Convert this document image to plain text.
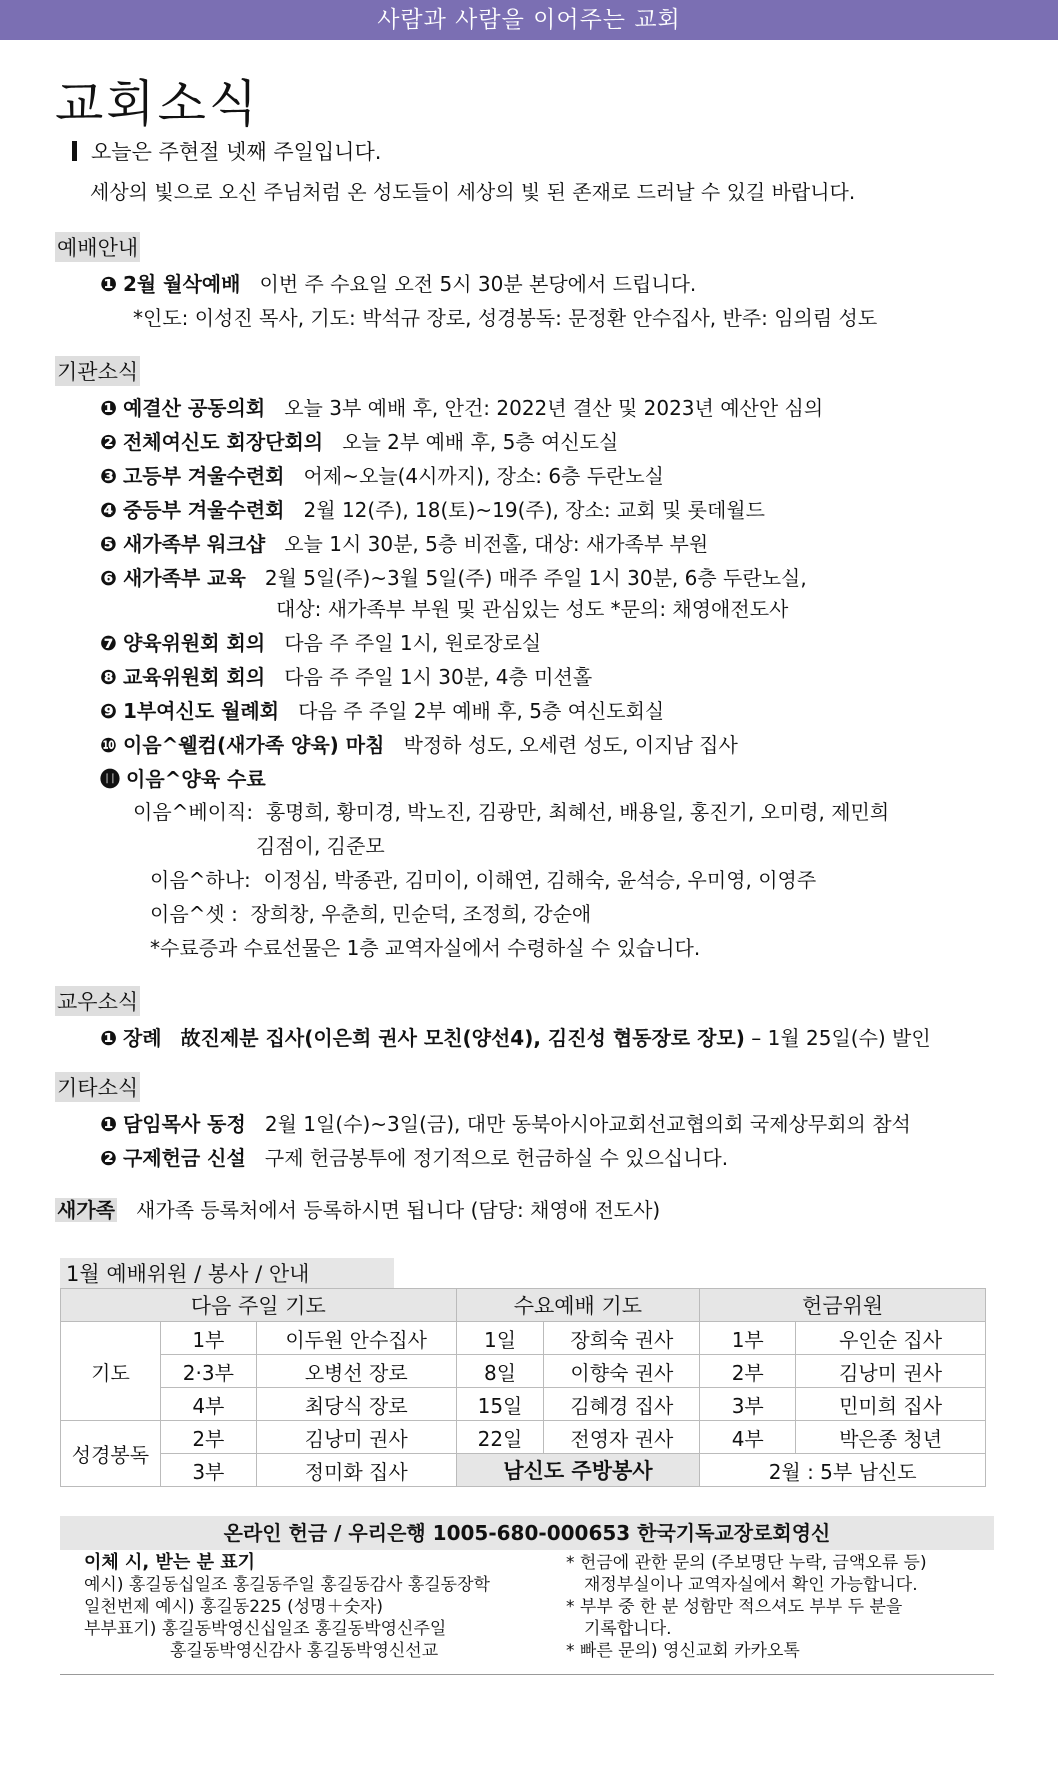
사람과 사람을 이어주는 교회
교회소식
오늘은 주현절 넷째 주일입니다.
세상의 빛으로 오신 주님처럼 온 성도들이 세상의 빛 된 존재로 드러날 수 있길 바랍니다.
예배안내
❶ 2월 월삭예배 이번 주 수요일 오전 5시 30분 본당에서 드립니다.
*인도: 이성진 목사, 기도: 박석규 장로, 성경봉독: 문정환 안수집사, 반주: 임의림 성도
기관소식
❶ 예결산 공동의회 오늘 3부 예배 후, 안건: 2022년 결산 및 2023년 예산안 심의
❷ 전체여신도 회장단회의 오늘 2부 예배 후, 5층 여신도실
❸ 고등부 겨울수련회 어제~오늘(4시까지), 장소: 6층 두란노실
❹ 중등부 겨울수련회 2월 12(주), 18(토)~19(주), 장소: 교회 및 롯데월드
❺ 새가족부 워크샵 오늘 1시 30분, 5층 비전홀, 대상: 새가족부 부원
❻ 새가족부 교육 2월 5일(주)~3월 5일(주) 매주 주일 1시 30분, 6층 두란노실,
❼ 양육위원회 회의 다음 주 주일 1시, 원로장로실
❽ 교육위원회 회의 다음 주 주일 1시 30분, 4층 미션홀
❾ 1부여신도 월례회 다음 주 주일 2부 예배 후, 5층 여신도회실
❿ 이음^웰컴(새가족 양육) 마침 박정하 성도, 오세련 성도, 이지남 집사
⓫ 이음^양육 수료
대상: 새가족부 부원 및 관심있는 성도 *문의: 채영애전도사
이음^베이직: 홍명희, 황미경, 박노진, 김광만, 최혜선, 배용일, 홍진기, 오미령, 제민희
김점이, 김준모
이음^하나: 이정심, 박종관, 김미이, 이해연, 김해숙, 윤석승, 우미영, 이영주
이음^셋 : 장희창, 우춘희, 민순덕, 조정희, 강순애
*수료증과 수료선물은 1층 교역자실에서 수령하실 수 있습니다.
교우소식
❶ 장례 故진제분 집사(이은희 권사 모친(양선4), 김진성 협동장로 장모) – 1월 25일(수) 발인
기타소식
❶ 담임목사 동정 2월 1일(수)~3일(금), 대만 동북아시아교회선교협의회 국제상무회의 참석
❷ 구제헌금 신설 구제 헌금봉투에 정기적으로 헌금하실 수 있으십니다.
새가족 새가족 등록처에서 등록하시면 됩니다 (담당: 채영애 전도사)
1월 예배위원 / 봉사 / 안내
다음 주일 기도			수요예배 기도		헌금위원	
기도	1부	이두원 안수집사	1일	장희숙 권사	1부	우인순 집사
	2·3부	오병선 장로	8일	이향숙 권사	2부	김낭미 권사
	4부	최당식 장로	15일	김혜경 집사	3부	민미희 집사
성경봉독	2부	김낭미 권사	22일	전영자 권사	4부	박은종 청년
	3부	정미화 집사	남신도 주방봉사		2월 : 5부 남신도	
온라인 헌금 / 우리은행 1005-680-000653 한국기독교장로회영신
이체 시, 받는 분 표기
예시) 홍길동십일조 홍길동주일 홍길동감사 홍길동장학
일천번제 예시) 홍길동225 (성명＋숫자)
부부표기) 홍길동박영신십일조 홍길동박영신주일
홍길동박영신감사 홍길동박영신선교
* 헌금에 관한 문의 (주보명단 누락, 금액오류 등)
재정부실이나 교역자실에서 확인 가능합니다.
* 부부 중 한 분 성함만 적으셔도 부부 두 분을
기록합니다.
* 빠른 문의) 영신교회 카카오톡
